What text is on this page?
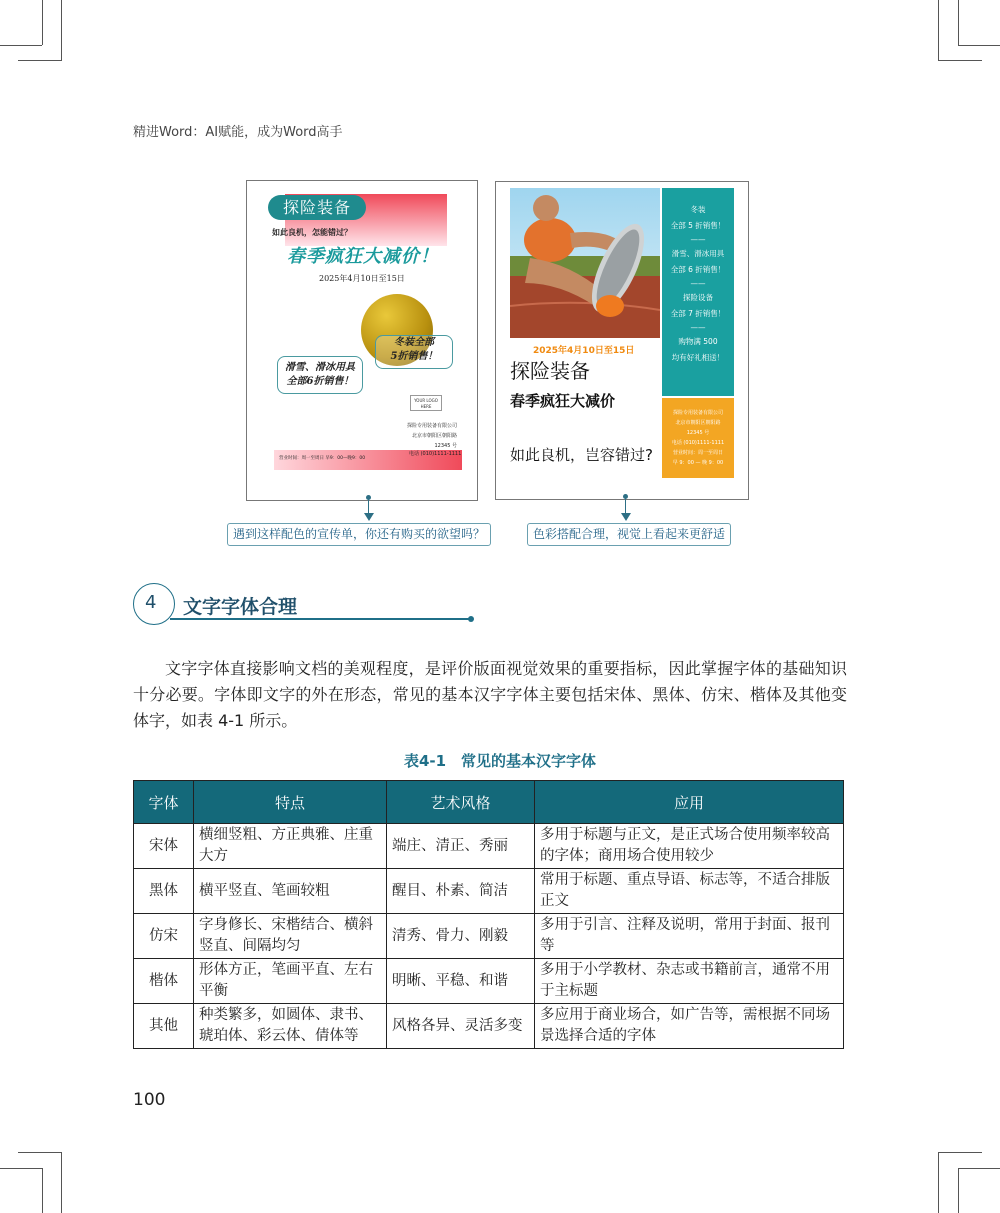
精进Word：AI赋能，成为Word高手
探险装备
如此良机，怎能错过？
春季疯狂大减价！
2025年4月10日至15日
冬装全部
5折销售！
滑雪、滑冰用具
全部6折销售！
YOUR LOGO
HERE
探险专用装备有限公司
北京市朝阳区朝阳路
12345 号
营业时间：周一至周日 早9：00—晚9：00
电话 (010)1111-1111
冬装
全部 5 折销售！
——
滑雪、滑冰用具
全部 6 折销售！
——
探险设备
全部 7 折销售！
——
购物满 500
均有好礼相送！
探险专用装备有限公司
北京市朝阳区朝阳路
12345 号
电话 (010)1111-1111
营业时间：周一至周日
早 9：00 — 晚 9：00
2025年4月10日至15日
探险装备
春季疯狂大减价
如此良机，岂容错过?
遇到这样配色的宣传单，你还有购买的欲望吗？	色彩搭配合理，视觉上看起来更舒适
4 文字字体合理
文字字体直接影响文档的美观程度，是评价版面视觉效果的重要指标，因此掌握字体的基础知识十分必要。字体即文字的外在形态，常见的基本汉字字体主要包括宋体、黑体、仿宋、楷体及其他变体字，如表 4-1 所示。
表4-1　常见的基本汉字字体
字体	特点	艺术风格	应用
宋体	横细竖粗、方正典雅、庄重大方	端庄、清正、秀丽	多用于标题与正文，是正式场合使用频率较高的字体；商用场合使用较少
黑体	横平竖直、笔画较粗	醒目、朴素、简洁	常用于标题、重点导语、标志等，不适合排版正文
仿宋	字身修长、宋楷结合、横斜竖直、间隔均匀	清秀、骨力、刚毅	多用于引言、注释及说明，常用于封面、报刊等
楷体	形体方正，笔画平直、左右平衡	明晰、平稳、和谐	多用于小学教材、杂志或书籍前言，通常不用于主标题
其他	种类繁多，如圆体、隶书、琥珀体、彩云体、倩体等	风格各异、灵活多变	多应用于商业场合，如广告等，需根据不同场景选择合适的字体
100
